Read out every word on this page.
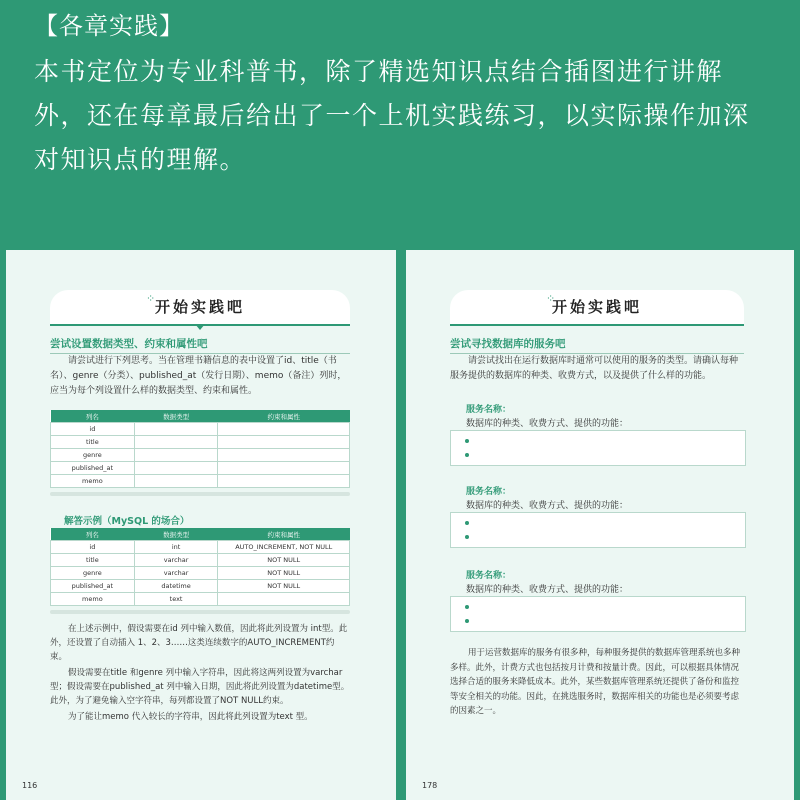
【各章实践】
本书定位为专业科普书，除了精选知识点结合插图进行讲解外，还在每章最后给出了一个上机实践练习，以实际操作加深对知识点的理解。
⁘ 开始实践吧
尝试设置数据类型、约束和属性吧
请尝试进行下列思考。当在管理书籍信息的表中设置了id、title（书名）、genre（分类）、published_at（发行日期）、memo（备注）列时，应当为每个列设置什么样的数据类型、约束和属性。
列名	数据类型	约束和属性
id		
title		
genre		
published_at		
memo		
解答示例（MySQL 的场合）
列名	数据类型	约束和属性
id	int	AUTO_INCREMENT, NOT NULL
title	varchar	NOT NULL
genre	varchar	NOT NULL
published_at	datetime	NOT NULL
memo	text	
在上述示例中，假设需要在id 列中输入数值，因此将此列设置为 int型。此外，还设置了自动插入 1、2、3……这类连续数字的AUTO_INCREMENT约束。
假设需要在title 和genre 列中输入字符串，因此将这两列设置为varchar型；假设需要在published_at 列中输入日期，因此将此列设置为datetime型。此外，为了避免输入空字符串，每列都设置了NOT NULL约束。
为了能让memo 代入较长的字符串，因此将此列设置为text 型。
116
⁘
开始实践吧
尝试寻找数据库的服务吧
请尝试找出在运行数据库时通常可以使用的服务的类型。请确认每种服务提供的数据库的种类、收费方式，以及提供了什么样的功能。
服务名称：
数据库的种类、收费方式、提供的功能：
服务名称：
数据库的种类、收费方式、提供的功能：
服务名称：
数据库的种类、收费方式、提供的功能：
用于运营数据库的服务有很多种，每种服务提供的数据库管理系统也多种多样。此外，计费方式也包括按月计费和按量计费。因此，可以根据具体情况选择合适的服务来降低成本。此外，某些数据库管理系统还提供了备份和监控等安全相关的功能。因此，在挑选服务时，数据库相关的功能也是必须要考虑的因素之一。
178
